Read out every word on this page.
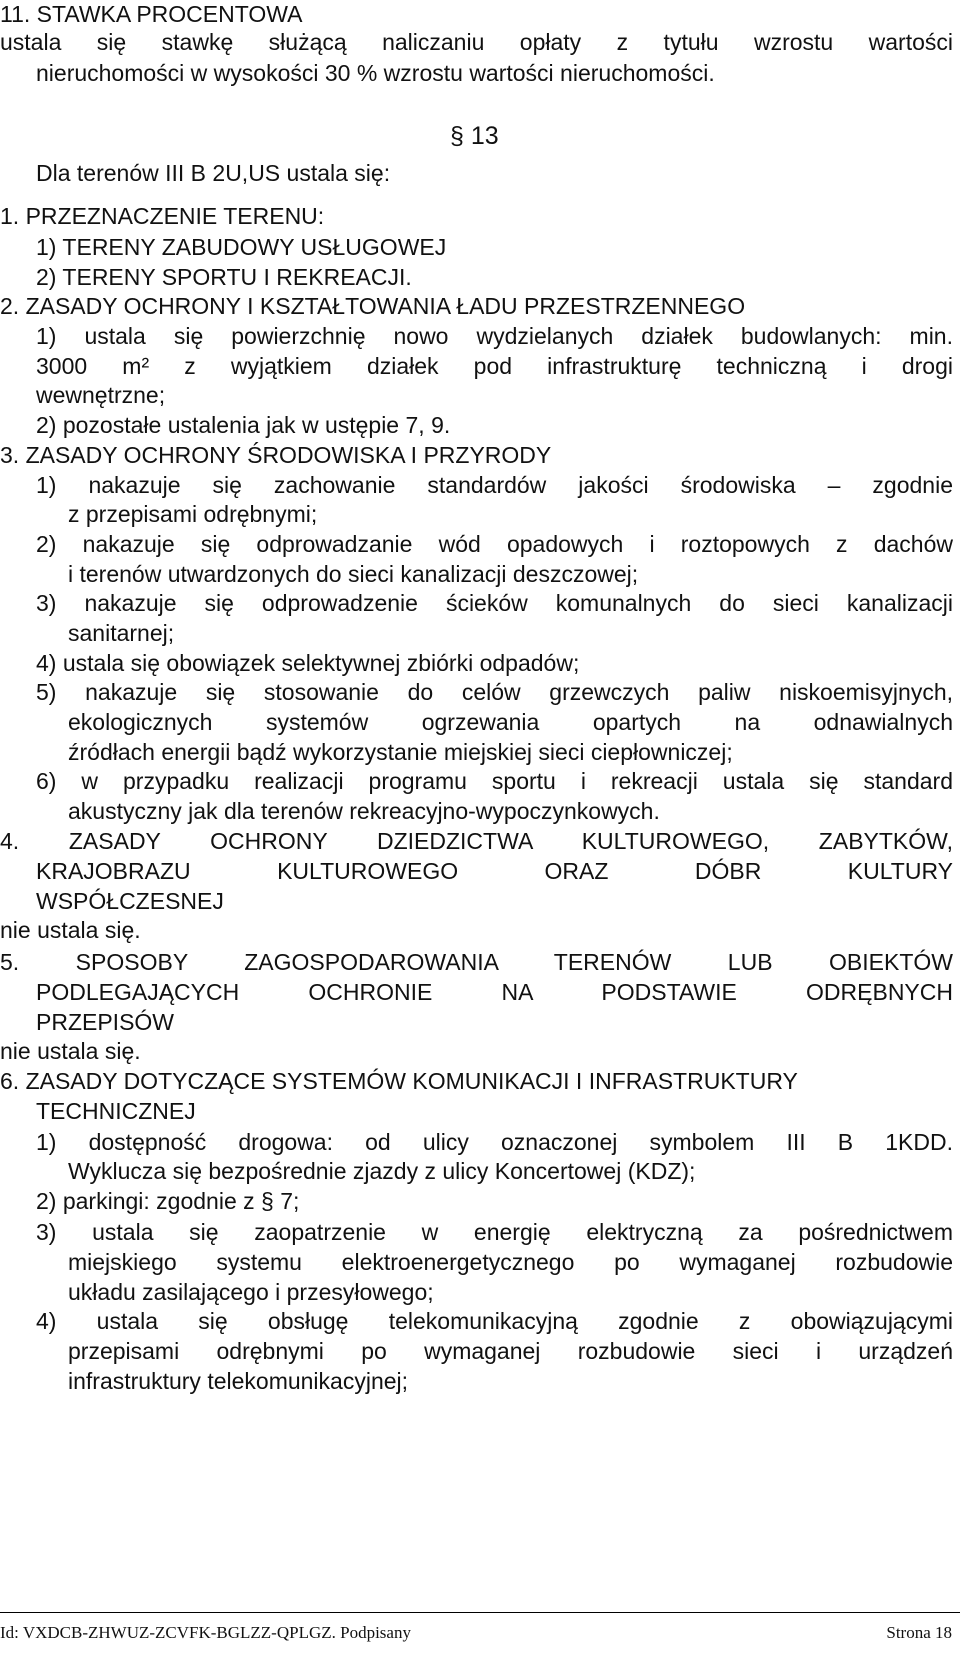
11. STAWKA PROCENTOWA
ustala się stawkę służącą naliczaniu opłaty z tytułu wzrostu wartości
nieruchomości w wysokości 30 % wzrostu wartości nieruchomości.
§ 13
Dla terenów III B 2U,US ustala się:
1. PRZEZNACZENIE TERENU:
1) TERENY ZABUDOWY USŁUGOWEJ
2) TERENY SPORTU I REKREACJI.
2. ZASADY OCHRONY I KSZTAŁTOWANIA ŁADU PRZESTRZENNEGO
1) ustala się powierzchnię nowo wydzielanych działek budowlanych: min.
3000 m² z wyjątkiem działek pod infrastrukturę techniczną i drogi
wewnętrzne;
2) pozostałe ustalenia jak w ustępie 7, 9.
3. ZASADY OCHRONY ŚRODOWISKA I PRZYRODY
1) nakazuje się zachowanie standardów jakości środowiska – zgodnie
z przepisami odrębnymi;
2) nakazuje się odprowadzanie wód opadowych i roztopowych z dachów
i terenów utwardzonych do sieci kanalizacji deszczowej;
3) nakazuje się odprowadzenie ścieków komunalnych do sieci kanalizacji
sanitarnej;
4) ustala się obowiązek selektywnej zbiórki odpadów;
5) nakazuje się stosowanie do celów grzewczych paliw niskoemisyjnych,
ekologicznych systemów ogrzewania opartych na odnawialnych
źródłach energii bądź wykorzystanie miejskiej sieci ciepłowniczej;
6) w przypadku realizacji programu sportu i rekreacji ustala się standard
akustyczny jak dla terenów rekreacyjno-wypoczynkowych.
4. ZASADY OCHRONY DZIEDZICTWA KULTUROWEGO, ZABYTKÓW,
KRAJOBRAZU KULTUROWEGO ORAZ DÓBR KULTURY
WSPÓŁCZESNEJ
nie ustala się.
5. SPOSOBY ZAGOSPODAROWANIA TERENÓW LUB OBIEKTÓW
PODLEGAJĄCYCH OCHRONIE NA PODSTAWIE ODRĘBNYCH
PRZEPISÓW
nie ustala się.
6. ZASADY DOTYCZĄCE SYSTEMÓW KOMUNIKACJI I INFRASTRUKTURY
TECHNICZNEJ
1) dostępność drogowa: od ulicy oznaczonej symbolem III B 1KDD.
Wyklucza się bezpośrednie zjazdy z ulicy Koncertowej (KDZ);
2) parkingi: zgodnie z § 7;
3) ustala się zaopatrzenie w energię elektryczną za pośrednictwem
miejskiego systemu elektroenergetycznego po wymaganej rozbudowie
układu zasilającego i przesyłowego;
4) ustala się obsługę telekomunikacyjną zgodnie z obowiązującymi
przepisami odrębnymi po wymaganej rozbudowie sieci i urządzeń
infrastruktury telekomunikacyjnej;
Id: VXDCB-ZHWUZ-ZCVFK-BGLZZ-QPLGZ. Podpisany	Strona 18
